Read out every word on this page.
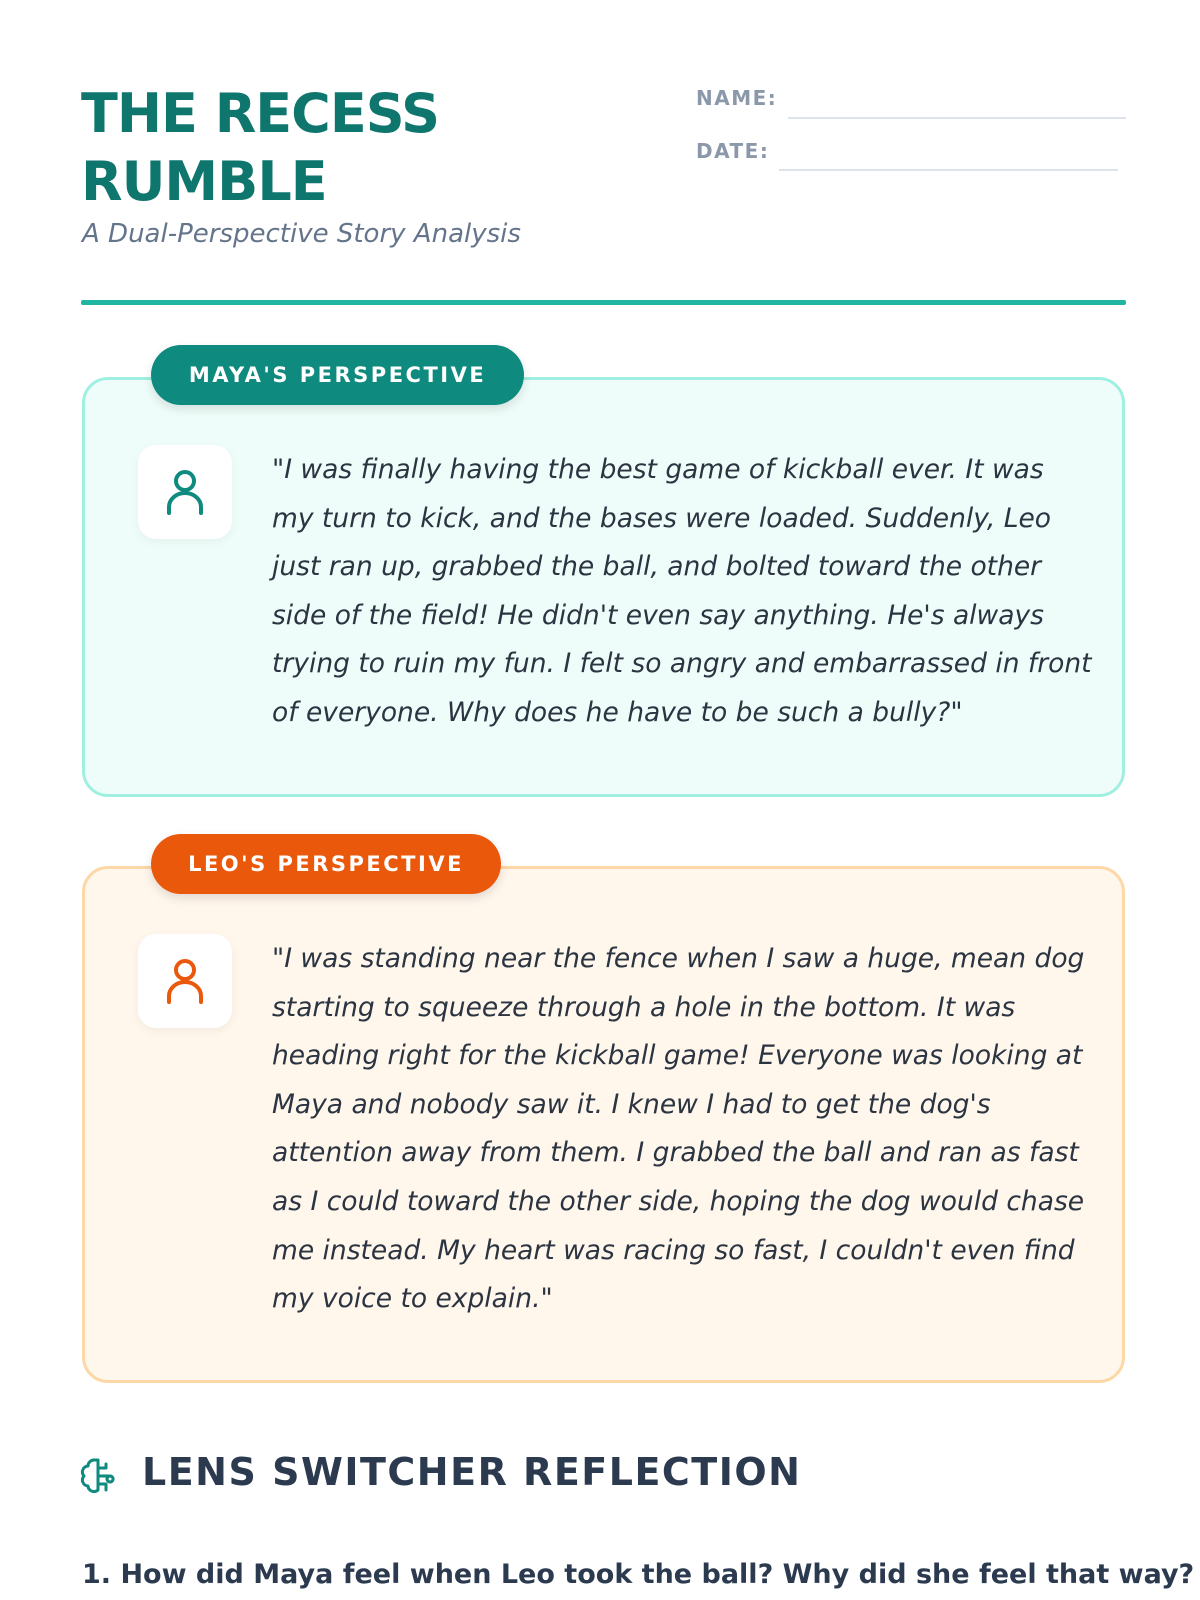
THE RECESS RUMBLE
A Dual-Perspective Story Analysis
NAME:
DATE:
MAYA'S PERSPECTIVE
"I was finally having the best game of kickball ever. It was my turn to kick, and the bases were loaded. Suddenly, Leo just ran up, grabbed the ball, and bolted toward the other side of the field! He didn't even say anything. He's always trying to ruin my fun. I felt so angry and embarrassed in front of everyone. Why does he have to be such a bully?"
LEO'S PERSPECTIVE
"I was standing near the fence when I saw a huge, mean dog starting to squeeze through a hole in the bottom. It was heading right for the kickball game! Everyone was looking at Maya and nobody saw it. I knew I had to get the dog's attention away from them. I grabbed the ball and ran as fast as I could toward the other side, hoping the dog would chase me instead. My heart was racing so fast, I couldn't even find my voice to explain."
LENS SWITCHER REFLECTION
1. How did Maya feel when Leo took the ball? Why did she feel that way?
